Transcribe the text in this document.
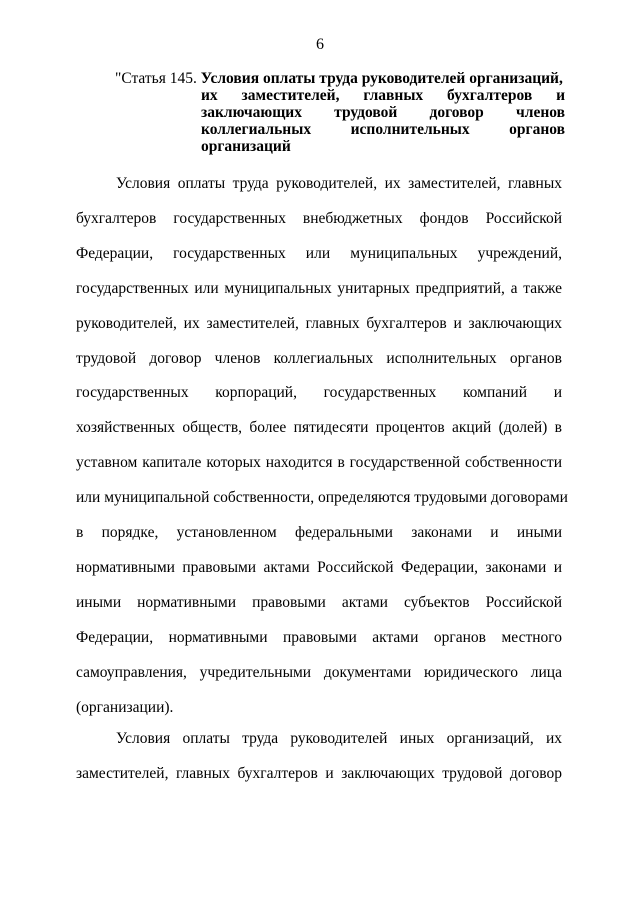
6
"Статья 145. Условия оплаты труда руководителей организаций,
их заместителей, главных бухгалтеров и
заключающих трудовой договор членов
коллегиальных исполнительных органов
организаций
Условия оплаты труда руководителей, их заместителей, главных
бухгалтеров государственных внебюджетных фондов Российской
Федерации, государственных или муниципальных учреждений,
государственных или муниципальных унитарных предприятий, а также
руководителей, их заместителей, главных бухгалтеров и заключающих
трудовой договор членов коллегиальных исполнительных органов
государственных корпораций, государственных компаний и
хозяйственных обществ, более пятидесяти процентов акций (долей) в
уставном капитале которых находится в государственной собственности
или муниципальной собственности, определяются трудовыми договорами
в порядке, установленном федеральными законами и иными
нормативными правовыми актами Российской Федерации, законами и
иными нормативными правовыми актами субъектов Российской
Федерации, нормативными правовыми актами органов местного
самоуправления, учредительными документами юридического лица
(организации).
Условия оплаты труда руководителей иных организаций, их
заместителей, главных бухгалтеров и заключающих трудовой договор
